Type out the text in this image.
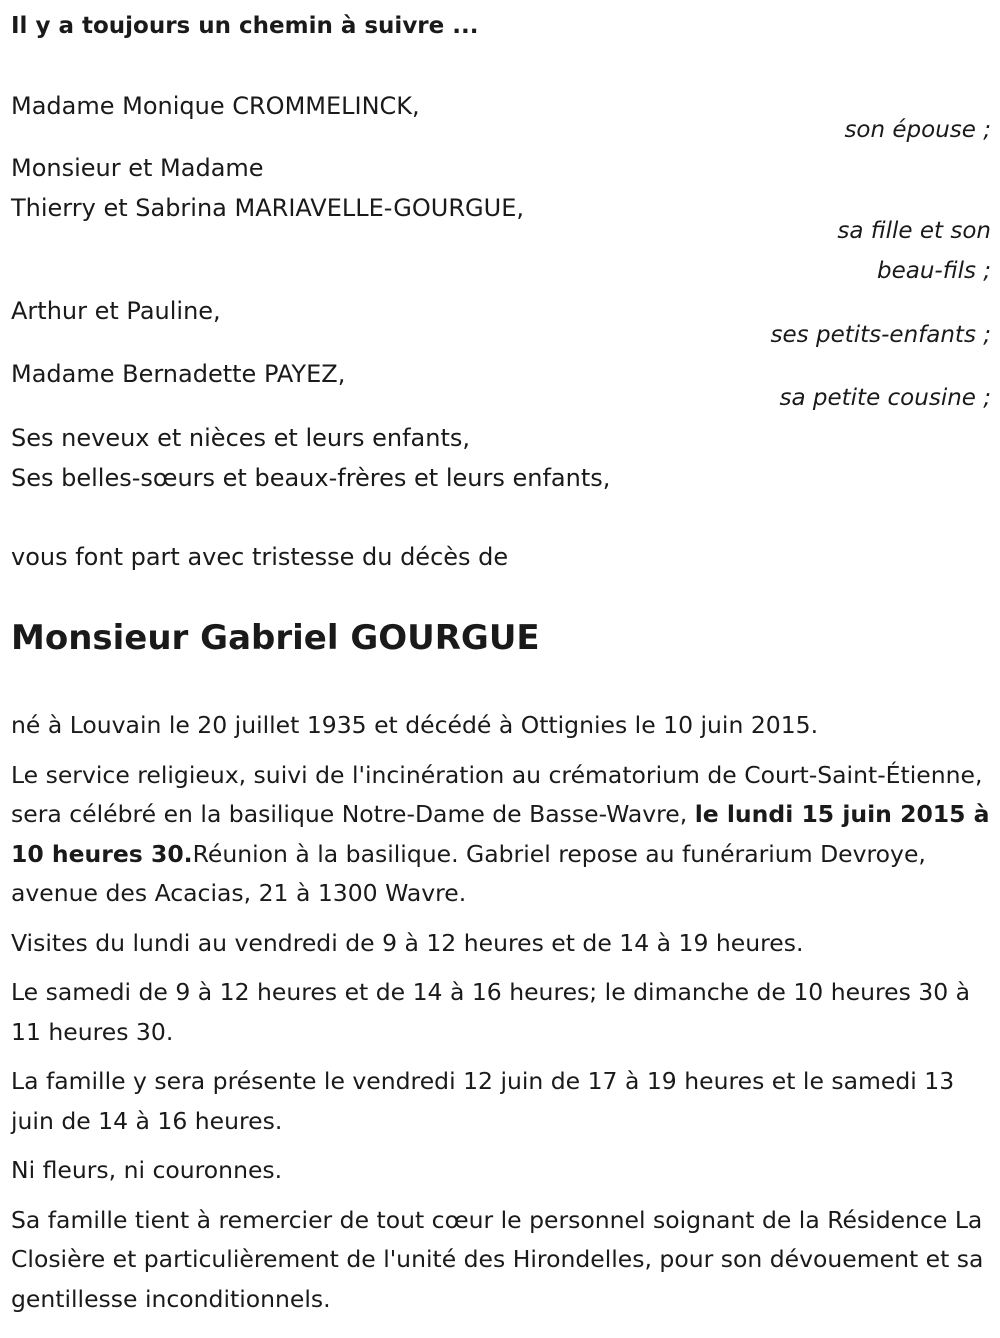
Il y a toujours un chemin à suivre ...
Madame Monique CROMMELINCK,
son épouse ;
Monsieur et Madame
Thierry et Sabrina MARIAVELLE-GOURGUE,
sa fille et son
beau-fils ;
Arthur et Pauline,
ses petits-enfants ;
Madame Bernadette PAYEZ,
sa petite cousine ;
Ses neveux et nièces et leurs enfants,
Ses belles-sœurs et beaux-frères et leurs enfants,
vous font part avec tristesse du décès de
Monsieur Gabriel GOURGUE

né à Louvain le 20 juillet 1935 et décédé à Ottignies le 10 juin 2015.

Le service religieux, suivi de l'incinération au crématorium de Court-Saint-Étienne, sera célébré en la basilique Notre-Dame de Basse-Wavre, le lundi 15 juin 2015 à 10 heures 30.Réunion à la basilique. Gabriel repose au funérarium Devroye, avenue des Acacias, 21 à 1300 Wavre.

Visites du lundi au vendredi de 9 à 12 heures et de 14 à 19 heures.

Le samedi de 9 à 12 heures et de 14 à 16 heures; le dimanche de 10 heures 30 à 11 heures 30.

La famille y sera présente le vendredi 12 juin de 17 à 19 heures et le samedi 13 juin de 14 à 16 heures.

Ni fleurs, ni couronnes.

Sa famille tient à remercier de tout cœur le personnel soignant de la Résidence La Closière et particulièrement de l'unité des Hirondelles, pour son dévouement et sa gentillesse inconditionnels.
